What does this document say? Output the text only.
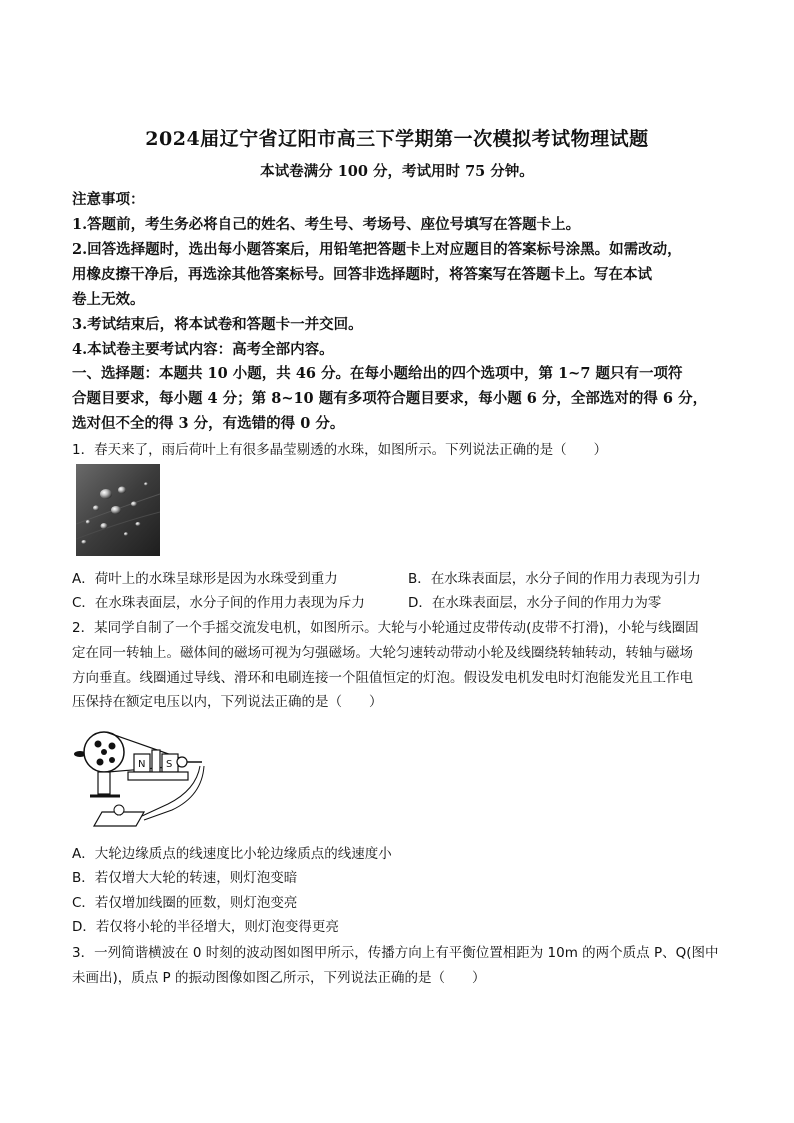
2024届辽宁省辽阳市高三下学期第一次模拟考试物理试题
本试卷满分 100 分，考试用时 75 分钟。
注意事项：
1.答题前，考生务必将自己的姓名、考生号、考场号、座位号填写在答题卡上。
2.回答选择题时，选出每小题答案后，用铅笔把答题卡上对应题目的答案标号涂黑。如需改动，
用橡皮擦干净后，再选涂其他答案标号。回答非选择题时，将答案写在答题卡上。写在本试
卷上无效。
3.考试结束后，将本试卷和答题卡一并交回。
4.本试卷主要考试内容：高考全部内容。
一、选择题：本题共 10 小题，共 46 分。在每小题给出的四个选项中，第 1~7 题只有一项符
合题目要求，每小题 4 分；第 8~10 题有多项符合题目要求，每小题 6 分，全部选对的得 6 分，
选对但不全的得 3 分，有选错的得 0 分。
1．春天来了，雨后荷叶上有很多晶莹剔透的水珠，如图所示。下列说法正确的是（　　）
A．荷叶上的水珠呈球形是因为水珠受到重力	B．在水珠表面层，水分子间的作用力表现为引力
C．在水珠表面层，水分子间的作用力表现为斥力	D．在水珠表面层，水分子间的作用力为零
2．某同学自制了一个手摇交流发电机，如图所示。大轮与小轮通过皮带传动(皮带不打滑)，小轮与线圈固
定在同一转轴上。磁体间的磁场可视为匀强磁场。大轮匀速转动带动小轮及线圈绕转轴转动，转轴与磁场
方向垂直。线圈通过导线、滑环和电刷连接一个阻值恒定的灯泡。假设发电机发电时灯泡能发光且工作电
压保持在额定电压以内，下列说法正确的是（　　）
N S
A．大轮边缘质点的线速度比小轮边缘质点的线速度小
B．若仅增大大轮的转速，则灯泡变暗
C．若仅增加线圈的匝数，则灯泡变亮
D．若仅将小轮的半径增大，则灯泡变得更亮
3．一列简谐横波在 0 时刻的波动图如图甲所示，传播方向上有平衡位置相距为 10m 的两个质点 P、Q(图中
未画出)，质点 P 的振动图像如图乙所示，下列说法正确的是（　　）
